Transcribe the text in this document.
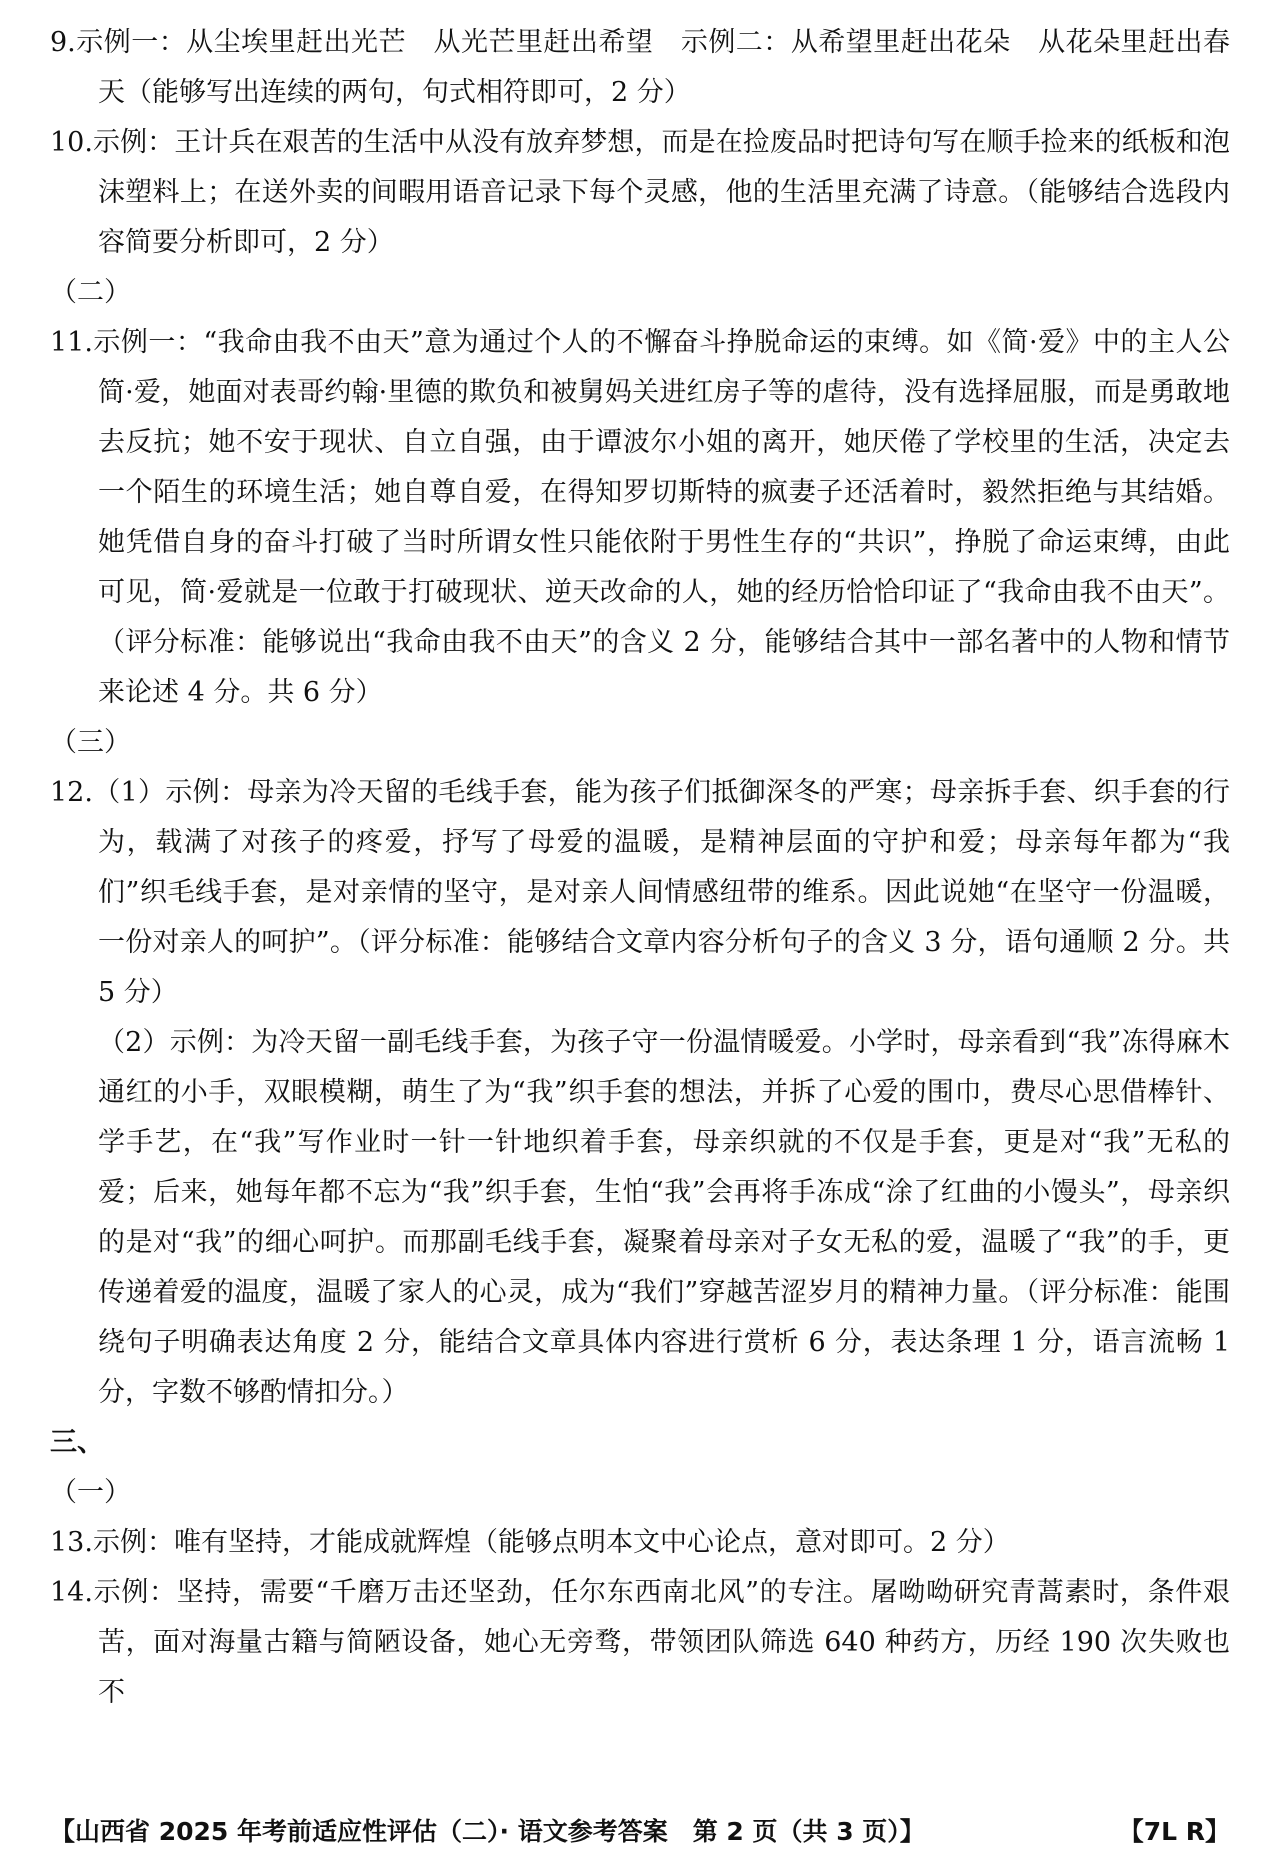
9.示例一：从尘埃里赶出光芒　从光芒里赶出希望　示例二：从希望里赶出花朵　从花朵里赶出春天（能够写出连续的两句，句式相符即可，2 分）

10.示例：王计兵在艰苦的生活中从没有放弃梦想，而是在捡废品时把诗句写在顺手捡来的纸板和泡沫塑料上；在送外卖的间暇用语音记录下每个灵感，他的生活里充满了诗意。（能够结合选段内容简要分析即可，2 分）

（二）

11.示例一：“我命由我不由天”意为通过个人的不懈奋斗挣脱命运的束缚。如《简·爱》中的主人公简·爱，她面对表哥约翰·里德的欺负和被舅妈关进红房子等的虐待，没有选择屈服，而是勇敢地去反抗；她不安于现状、自立自强，由于谭波尔小姐的离开，她厌倦了学校里的生活，决定去一个陌生的环境生活；她自尊自爱，在得知罗切斯特的疯妻子还活着时，毅然拒绝与其结婚。她凭借自身的奋斗打破了当时所谓女性只能依附于男性生存的“共识”，挣脱了命运束缚，由此可见，简·爱就是一位敢于打破现状、逆天改命的人，她的经历恰恰印证了“我命由我不由天”。（评分标准：能够说出“我命由我不由天”的含义 2 分，能够结合其中一部名著中的人物和情节来论述 4 分。共 6 分）

（三）

12.（1）示例：母亲为冷天留的毛线手套，能为孩子们抵御深冬的严寒；母亲拆手套、织手套的行为，载满了对孩子的疼爱，抒写了母爱的温暖，是精神层面的守护和爱；母亲每年都为“我们”织毛线手套，是对亲情的坚守，是对亲人间情感纽带的维系。因此说她“在坚守一份温暖，一份对亲人的呵护”。（评分标准：能够结合文章内容分析句子的含义 3 分，语句通顺 2 分。共 5 分）

（2）示例：为冷天留一副毛线手套，为孩子守一份温情暖爱。小学时，母亲看到“我”冻得麻木通红的小手，双眼模糊，萌生了为“我”织手套的想法，并拆了心爱的围巾，费尽心思借棒针、学手艺，在“我”写作业时一针一针地织着手套，母亲织就的不仅是手套，更是对“我”无私的爱；后来，她每年都不忘为“我”织手套，生怕“我”会再将手冻成“涂了红曲的小馒头”，母亲织的是对“我”的细心呵护。而那副毛线手套，凝聚着母亲对子女无私的爱，温暖了“我”的手，更传递着爱的温度，温暖了家人的心灵，成为“我们”穿越苦涩岁月的精神力量。（评分标准：能围绕句子明确表达角度 2 分，能结合文章具体内容进行赏析 6 分，表达条理 1 分，语言流畅 1 分，字数不够酌情扣分。）

三、

（一）

13.示例：唯有坚持，才能成就辉煌（能够点明本文中心论点，意对即可。2 分）

14.示例：坚持，需要“千磨万击还坚劲，任尔东西南北风”的专注。屠呦呦研究青蒿素时，条件艰苦，面对海量古籍与简陋设备，她心无旁骛，带领团队筛选 640 种药方，历经 190 次失败也不

【山西省 2025 年考前适应性评估（二）· 语文参考答案　第 2 页（共 3 页）】	【7L R】
